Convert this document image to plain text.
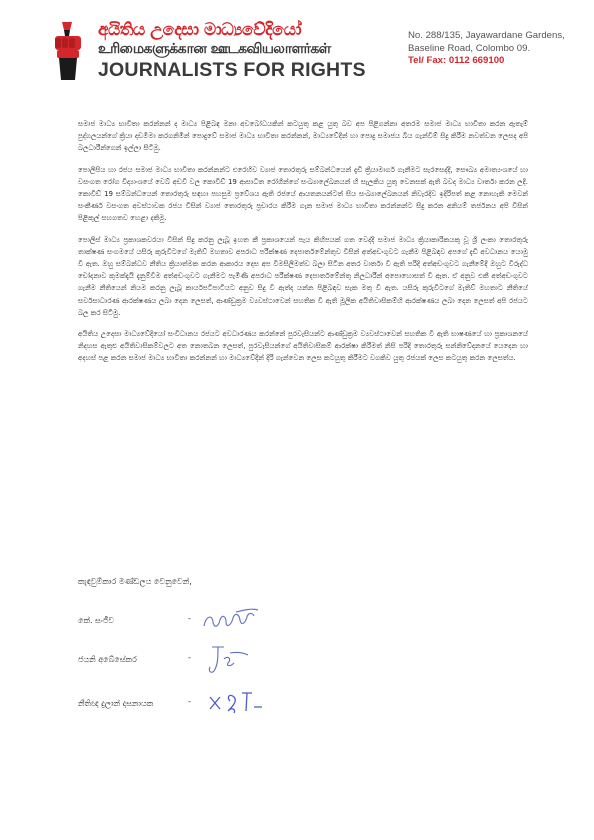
අයිතිය උදෙසා මාධ්‍යවේදියෝ
உரிமைகளுக்கான ஊடகவியலாளர்கள்
JOURNALISTS FOR RIGHTS
No. 288/135, Jayawardane Gardens,
Baseline Road, Colombo 09.
Tel/ Fax: 0112 669100

සමාජ මාධ්‍ය භාවිතා කරන්නන් ද මාධ්‍ය පිළිබඳ මනා අවබෝධයකින් කටයුතු කළ යුතු බව අප පිළිගන්නා අතරම සමාජ මාධ්‍ය භාවිතා කරන ඇතැම් පුද්ගලයන්ගේ ක්‍රියා දඩමීමා කරගනිමින් පොදුවේ සමාජ මාධ්‍ය භාවිතා කරන්නන්, මාධ්‍යවේදීන් හා පොදු සමාජය බිය ගැන්වීම් සිදු කිරීම නවත්වන ලෙසද අපි බලධාරීන්ගෙන් ඉල්ලා සිටිමු.

පොලිසිය හා රජය සමාජ මාධ්‍ය භාවිතා කරන්නන්ට එරෙහිව ව්‍යාජ තොරතුරු සම්බන්ධයෙන් දැඩි ක්‍රියාමාර්ග ගැනීමට සැරසෙද්දී, සෞඛ්‍ය අමාත්‍යංශයේ හා වසංගත රෝග විද්‍යාංශයේ වෙබ් අඩවි වල කොවිඩ් 19 ආසාධිත රෝගීන්ගේ සංඛ්‍යාලේඛනයන් හි සැලකිය යුතු වෙනසක් ඇති බවද මාධ්‍ය වාර්තා කරන ලදී. කොවිඩ් 19 සම්බන්ධයෙන් තොරතුරු සඳහා පහසුම ප්‍රවේශය ඇති රජයේ ආයතනයන්ටත් සිය සංඛ්‍යාලේඛනයන් නිවැරදිව ඉදිරිපත් කළ නොහැකි මෙවන් සංකීර්ණ වසංගත අවස්ථාවක රජය විසින් ව්‍යාජ තොරතුරු ප්‍රචාරය කිරීම ගැන සමාජ මාධ්‍ය භාවිතා කරන්නන්ට සිදු කරන අනියම් තර්ජනය අපි විසින් පිළිකුල් සහගතව හෙළා දකිමු.

පොලිස් මාධ්‍ය ප්‍රකාශකවරයා විසින් සිදු කරනු ලැබූ ඉහත කී ප්‍රකාශයෙන් පැය කිහිපයක් ගත වෙද්දී සමාජ මාධ්‍ය ක්‍රියාකාරිකයකු වූ ශ්‍රී ලංකා තොරතුරු තාක්ෂණ සංගමයේ යසිරු කුරුවිටගේ මැතිව් මහතාව අපරාධ පරීක්ෂණ දෙපාර්තමේන්තුව විසින් අත්අඩංගුවට ගැනීම පිළිබඳව අපගේ දැඩි අවධානය යොමු වී ඇත. ඔහු සම්බන්ධව නීතිය ක්‍රියාත්මක කරන ආකාරය දෙස අප විමසිලිමත්ව බලා සිටින අතර වාර්තා වී ඇති පරිදි අත්අඩංගුවට ගැනීමේදී ඔහුට විරුද්ධ චෝදනාව කුමක්දැයි දැනුම්වීම අත්අඩංගුවට ගැනීමට පැමිණි අපරාධ පරීක්ෂණ දෙපාර්තමේන්තු නිලධාරීන් අපොහොසත් වී ඇත. ඒ අනුව එකී අත්අඩංගුවට ගැනීම නීතියෙන් නියම කරනු ලැබූ කාර්යපටිපාටියට අනුව සිදු වී ඇත්ද යන්න පිළිබඳව සැක මතු වී ඇත. යසිරු කුරුවිටගේ මැතිව් මහතාට නීතියේ සර්වසාධාරණ ආරක්ෂණය ලබා දෙන ලෙසත්, ආණ්ඩුක්‍රම ව්‍යවස්ථාවෙන් සහතික වී ඇති මූලික අයිතිවාසිකම්හි ආරක්ෂණය ලබා දෙන ලෙසත් අපි රජයට බල කර සිටිමු.

අයිතිය උදෙසා මාධ්‍යවේදියෝ සංවිධානය රජයට අවධාරණය කරන්නේ පුරවැසියන්ට ආණ්ඩුක්‍රම ව්‍යවස්ථාවෙන් සහතික වී ඇති භාෂණයේ හා ප්‍රකාශනයේ නිදහස ඇතුළු අයිතිවාසිකම්වලට අත නොතබන ලෙසත්, පුරවැසියන්ගේ අයිතිවාසිකම් ආරක්ෂා කිරීමත් නිසි පරිදි තොරතුරු සන්නිවේදනයේ යෙදෙන හා අදහස් පළ කරන සමාජ මාධ්‍ය භාවිතා කරන්නන් හා මාධ්‍යවේදීන් දිරි ගැන්වෙන ලෙස කටයුතු කිරීමට වගකිව යුතු රජයක් ලෙස කටයුතු කරන ලෙසත්ය.

කැඳවුම්කාර මණ්ඩලය වෙනුවෙන්,
කේ. සංජීව	-
ජයනි අබේසේකර	-
නීතිඥ දුලාන් දසනායක	-
